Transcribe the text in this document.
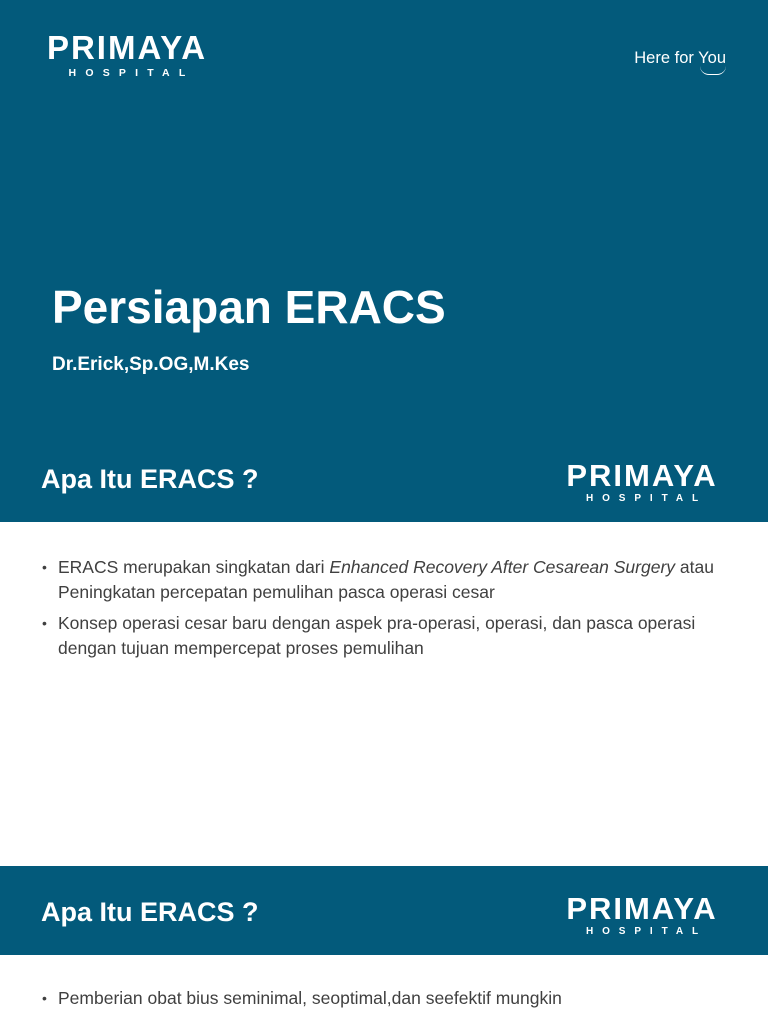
PRIMAYA
HOSPITAL
Here for You
Persiapan ERACS
Dr.Erick,Sp.OG,M.Kes
Apa Itu ERACS ?	PRIMAYA
HOSPITAL
• ERACS merupakan singkatan dari Enhanced Recovery After Cesarean Surgery atau Peningkatan percepatan pemulihan pasca operasi cesar
• Konsep operasi cesar baru dengan aspek pra-operasi, operasi, dan pasca operasi dengan tujuan mempercepat proses pemulihan
Apa Itu ERACS ?	PRIMAYA
HOSPITAL
• Pemberian obat bius seminimal, seoptimal,dan seefektif mungkin
